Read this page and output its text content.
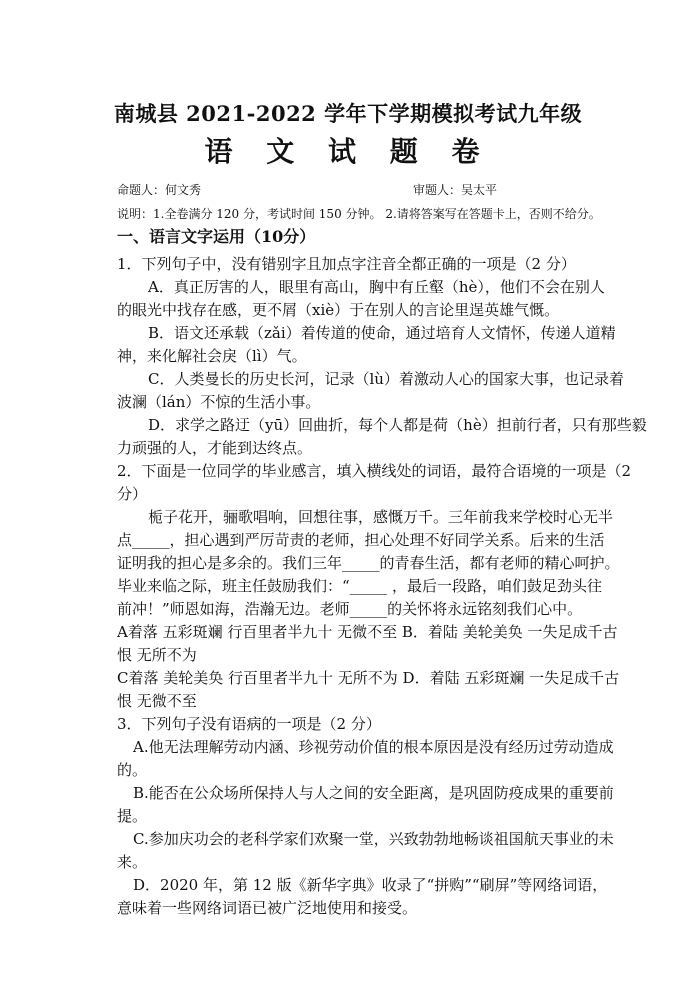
南城县 2021-2022 学年下学期模拟考试九年级
语 文 试 题 卷
命题人：何文秀	审题人：吴太平
说明：1.全卷满分 120 分，考试时间 150 分钟。 2.请将答案写在答题卡上，否则不给分。
一、语言文字运用（10分）
1．下列句子中，没有错别字且加点字注音全都正确的一项是（2 分）
A．真正厉害的人，眼里有高山，胸中有丘壑（hè），他们不会在别人
的眼光中找存在感，更不屑（xiè）于在别人的言论里逞英雄气慨。
B．语文还承载（zǎi）着传道的使命，通过培育人文情怀，传递人道精
神，来化解社会戾（lì）气。
C．人类曼长的历史长河，记录（lù）着激动人心的国家大事，也记录着
波澜（lán）不惊的生活小事。
D．求学之路迂（yū）回曲折，每个人都是荷（hè）担前行者，只有那些毅
力顽强的人，才能到达终点。
2．下面是一位同学的毕业感言，填入横线处的词语，最符合语境的一项是（2
分）
栀子花开，骊歌唱响，回想往事，感慨万千。三年前我来学校时心无半
点_____，担心遇到严厉苛责的老师，担心处理不好同学关系。后来的生活
证明我的担心是多余的。我们三年_____的青春生活，都有老师的精心呵护。
毕业来临之际，班主任鼓励我们：“_____ ，最后一段路，咱们鼓足劲头往
前冲！”师恩如海，浩瀚无边。老师_____的关怀将永远铭刻我们心中。
A着落 五彩斑斓 行百里者半九十 无微不至 B．着陆 美轮美奂 一失足成千古
恨 无所不为
C着落 美轮美奂 行百里者半九十 无所不为 D．着陆 五彩斑斓 一失足成千古
恨 无微不至
3．下列句子没有语病的一项是（2 分）
A.他无法理解劳动内涵、珍视劳动价值的根本原因是没有经历过劳动造成
的。
B.能否在公众场所保持人与人之间的安全距离，是巩固防疫成果的重要前
提。
C.参加庆功会的老科学家们欢聚一堂，兴致勃勃地畅谈祖国航天事业的未
来。
D．2020 年，第 12 版《新华字典》收录了“拼购”“刷屏”等网络词语，
意味着一些网络词语已被广泛地使用和接受。
